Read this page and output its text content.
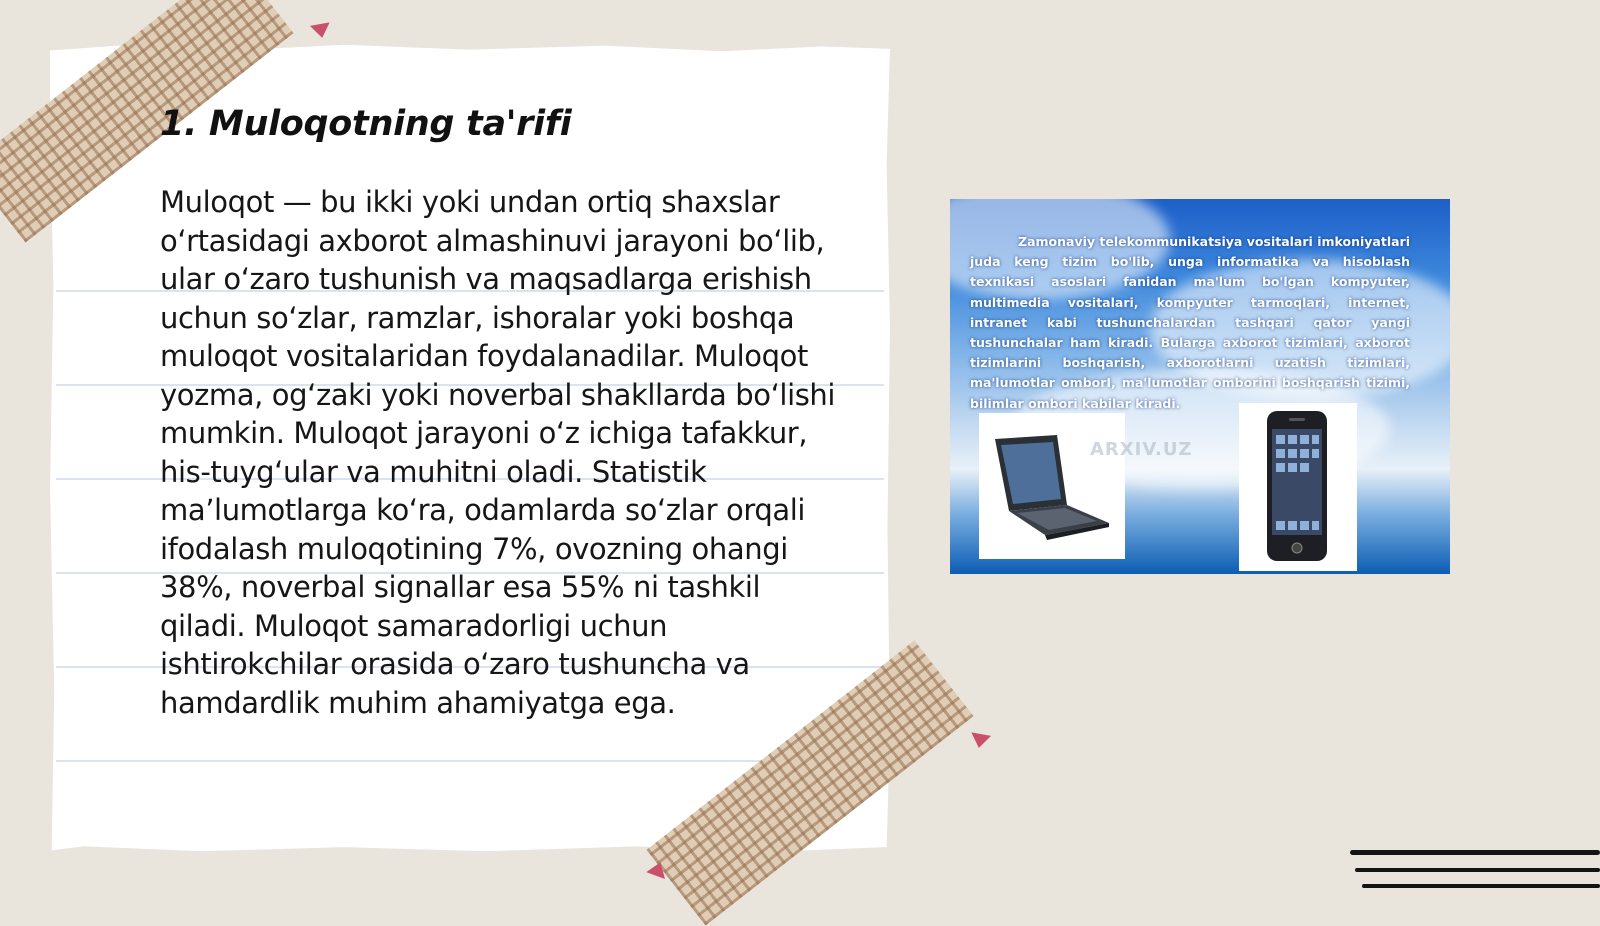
1. Muloqotning ta'rifi

Muloqot — bu ikki yoki undan ortiq shaxslar o‘rtasidagi axborot almashinuvi jarayoni bo‘lib, ular o‘zaro tushunish va maqsadlarga erishish uchun so‘zlar, ramzlar, ishoralar yoki boshqa muloqot vositalaridan foydalanadilar. Muloqot yozma, og‘zaki yoki noverbal shakllarda bo‘lishi mumkin. Muloqot jarayoni o‘z ichiga tafakkur, his-tuyg‘ular va muhitni oladi. Statistik ma’lumotlarga ko‘ra, odamlarda so‘zlar orqali ifodalash muloqotining 7%, ovozning ohangi 38%, noverbal signallar esa 55% ni tashkil qiladi. Muloqot samaradorligi uchun ishtirokchilar orasida o‘zaro tushuncha va hamdardlik muhim ahamiyatga ega.

Zamonaviy telekommunikatsiya vositalari imkoniyatlari juda keng tizim bo'lib, unga informatika va hisoblash texnikasi asoslari fanidan ma'lum bo'lgan kompyuter, multimedia vositalari, kompyuter tarmoqlari, internet, intranet kabi tushunchalardan tashqari qator yangi tushunchalar ham kiradi. Bularga axborot tizimlari, axborot tizimlarini boshqarish, axborotlarni uzatish tizimlari, ma'lumotlar omborI, ma'lumotlar omborini boshqarish tizimi, bilimlar ombori kabilar kiradi.

ARXIV.UZ
